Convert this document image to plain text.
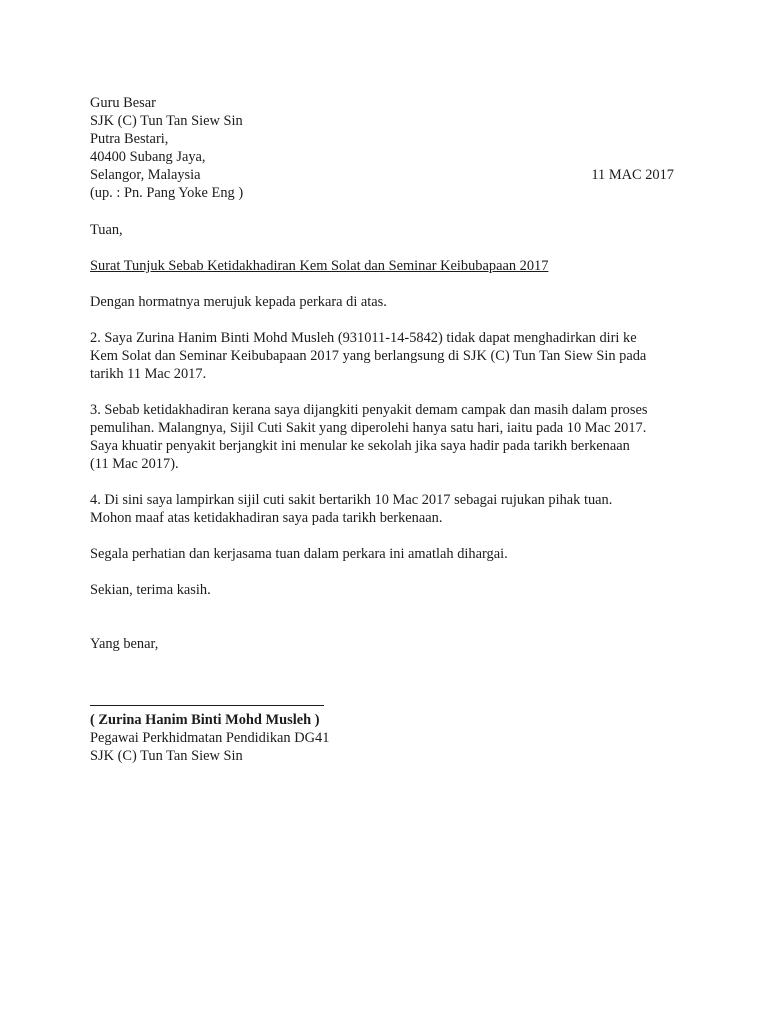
Guru Besar
SJK (C) Tun Tan Siew Sin
Putra Bestari,
40400 Subang Jaya,
Selangor, Malaysia	11 MAC 2017
(up. : Pn. Pang Yoke Eng )
Tuan,
Surat Tunjuk Sebab Ketidakhadiran Kem Solat dan Seminar Keibubapaan 2017
Dengan hormatnya merujuk kepada perkara di atas.
2. Saya Zurina Hanim Binti Mohd Musleh (931011-14-5842) tidak dapat menghadirkan diri ke
Kem Solat dan Seminar Keibubapaan 2017 yang berlangsung di SJK (C) Tun Tan Siew Sin pada
tarikh 11 Mac 2017.
3. Sebab ketidakhadiran kerana saya dijangkiti penyakit demam campak dan masih dalam proses
pemulihan. Malangnya, Sijil Cuti Sakit yang diperolehi hanya satu hari, iaitu pada 10 Mac 2017.
Saya khuatir penyakit berjangkit ini menular ke sekolah jika saya hadir pada tarikh berkenaan
(11 Mac 2017).
4. Di sini saya lampirkan sijil cuti sakit bertarikh 10 Mac 2017 sebagai rujukan pihak tuan.
Mohon maaf atas ketidakhadiran saya pada tarikh berkenaan.
Segala perhatian dan kerjasama tuan dalam perkara ini amatlah dihargai.
Sekian, terima kasih.
Yang benar,
( Zurina Hanim Binti Mohd Musleh )
Pegawai Perkhidmatan Pendidikan DG41
SJK (C) Tun Tan Siew Sin
